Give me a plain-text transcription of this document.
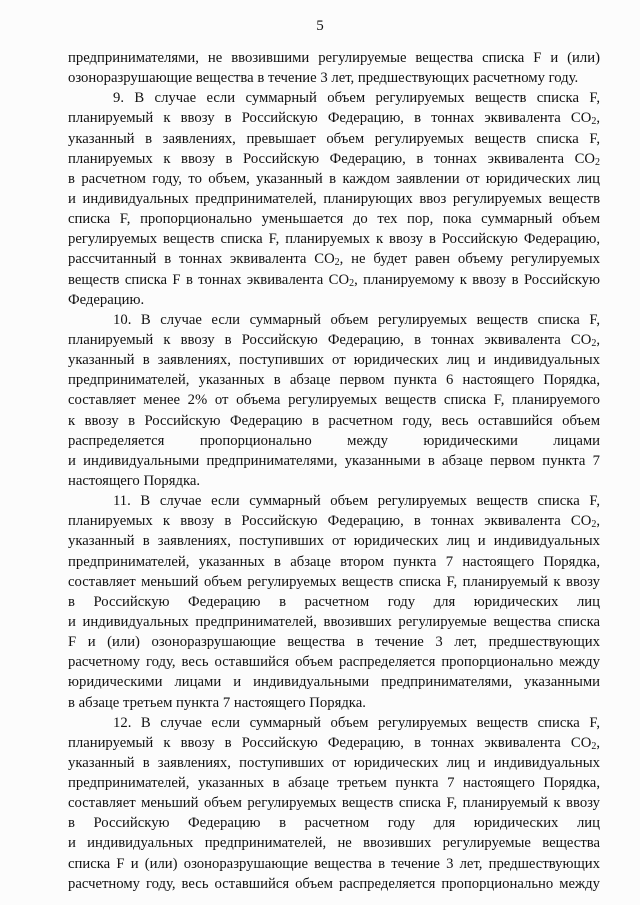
5
предпринимателями, не ввозившими регулируемые вещества списка F и (или)
озоноразрушающие вещества в течение 3 лет, предшествующих расчетному году.
9. В случае если суммарный объем регулируемых веществ списка F,
планируемый к ввозу в Российскую Федерацию, в тоннах эквивалента $CO_2$,
указанный в заявлениях, превышает объем регулируемых веществ списка F,
планируемых к ввозу в Российскую Федерацию, в тоннах эквивалента $CO_2$
в расчетном году, то объем, указанный в каждом заявлении от юридических лиц
и индивидуальных предпринимателей, планирующих ввоз регулируемых веществ
списка F, пропорционально уменьшается до тех пор, пока суммарный объем
регулируемых веществ списка F, планируемых к ввозу в Российскую Федерацию,
рассчитанный в тоннах эквивалента $CO_2$, не будет равен объему регулируемых
веществ списка F в тоннах эквивалента $CO_2$, планируемому к ввозу в Российскую
Федерацию.
10. В случае если суммарный объем регулируемых веществ списка F,
планируемый к ввозу в Российскую Федерацию, в тоннах эквивалента $CO_2$,
указанный в заявлениях, поступивших от юридических лиц и индивидуальных
предпринимателей, указанных в абзаце первом пункта 6 настоящего Порядка,
составляет менее 2% от объема регулируемых веществ списка F, планируемого
к ввозу в Российскую Федерацию в расчетном году, весь оставшийся объем
распределяется пропорционально между юридическими лицами
и индивидуальными предпринимателями, указанными в абзаце первом пункта 7
настоящего Порядка.
11. В случае если суммарный объем регулируемых веществ списка F,
планируемых к ввозу в Российскую Федерацию, в тоннах эквивалента $CO_2$,
указанный в заявлениях, поступивших от юридических лиц и индивидуальных
предпринимателей, указанных в абзаце втором пункта 7 настоящего Порядка,
составляет меньший объем регулируемых веществ списка F, планируемый к ввозу
в Российскую Федерацию в расчетном году для юридических лиц
и индивидуальных предпринимателей, ввозивших регулируемые вещества списка
F и (или) озоноразрушающие вещества в течение 3 лет, предшествующих
расчетному году, весь оставшийся объем распределяется пропорционально между
юридическими лицами и индивидуальными предпринимателями, указанными
в абзаце третьем пункта 7 настоящего Порядка.
12. В случае если суммарный объем регулируемых веществ списка F,
планируемый к ввозу в Российскую Федерацию, в тоннах эквивалента $CO_2$,
указанный в заявлениях, поступивших от юридических лиц и индивидуальных
предпринимателей, указанных в абзаце третьем пункта 7 настоящего Порядка,
составляет меньший объем регулируемых веществ списка F, планируемый к ввозу
в Российскую Федерацию в расчетном году для юридических лиц
и индивидуальных предпринимателей, не ввозивших регулируемые вещества
списка F и (или) озоноразрушающие вещества в течение 3 лет, предшествующих
расчетному году, весь оставшийся объем распределяется пропорционально между
